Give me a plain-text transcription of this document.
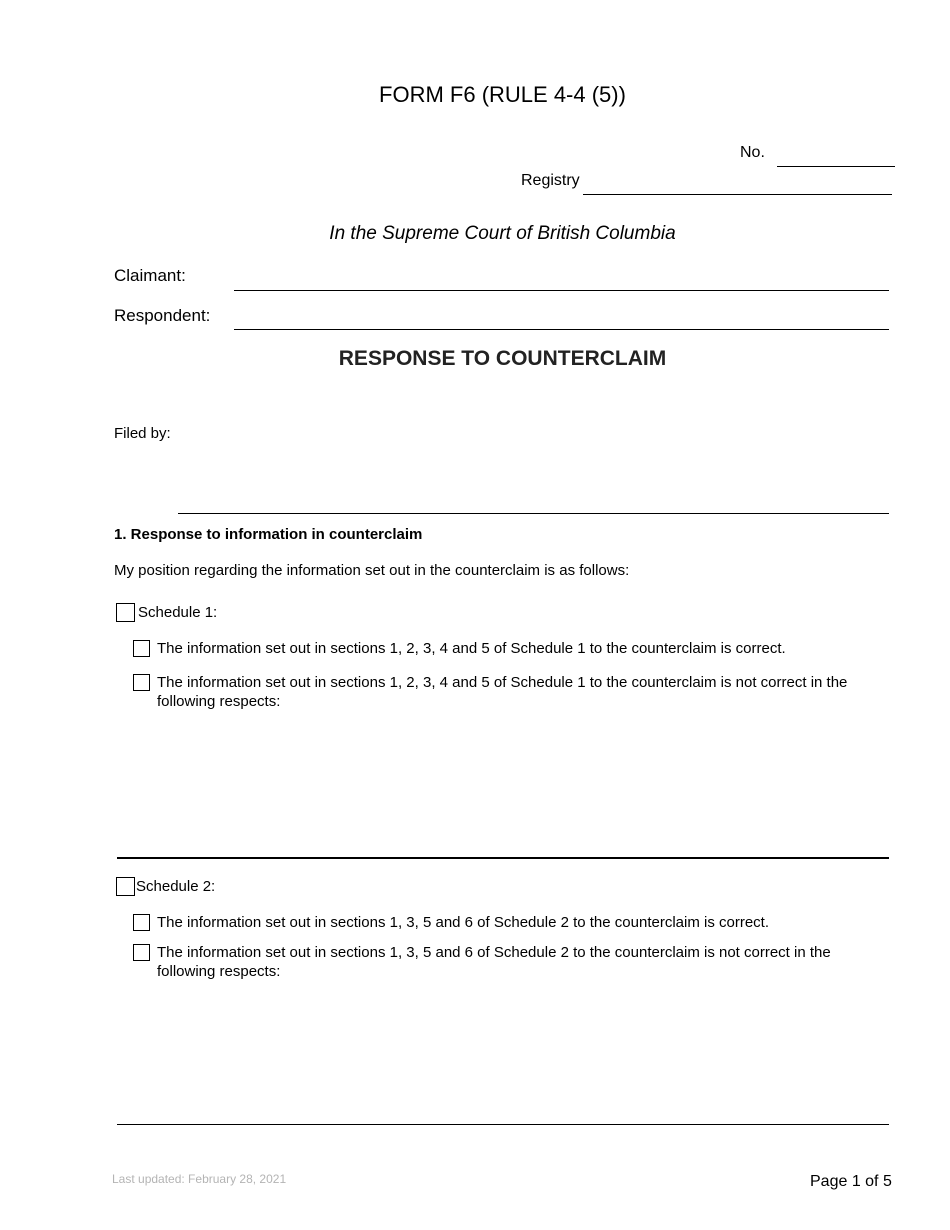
FORM F6 (RULE 4-4 (5))
No.
Registry
In the Supreme Court of British Columbia
Claimant:
Respondent:
RESPONSE TO COUNTERCLAIM
Filed by:
1. Response to information in counterclaim
My position regarding the information set out in the counterclaim is as follows:
Schedule 1:
The information set out in sections 1, 2, 3, 4 and 5 of Schedule 1 to the counterclaim is correct.
The information set out in sections 1, 2, 3, 4 and 5 of Schedule 1 to the counterclaim is not correct in the
following respects:
Schedule 2:
The information set out in sections 1, 3, 5 and 6 of Schedule 2 to the counterclaim is correct.
The information set out in sections 1, 3, 5 and 6 of Schedule 2 to the counterclaim is not correct in the
following respects:
Last updated: February 28, 2021	Page 1 of 5
